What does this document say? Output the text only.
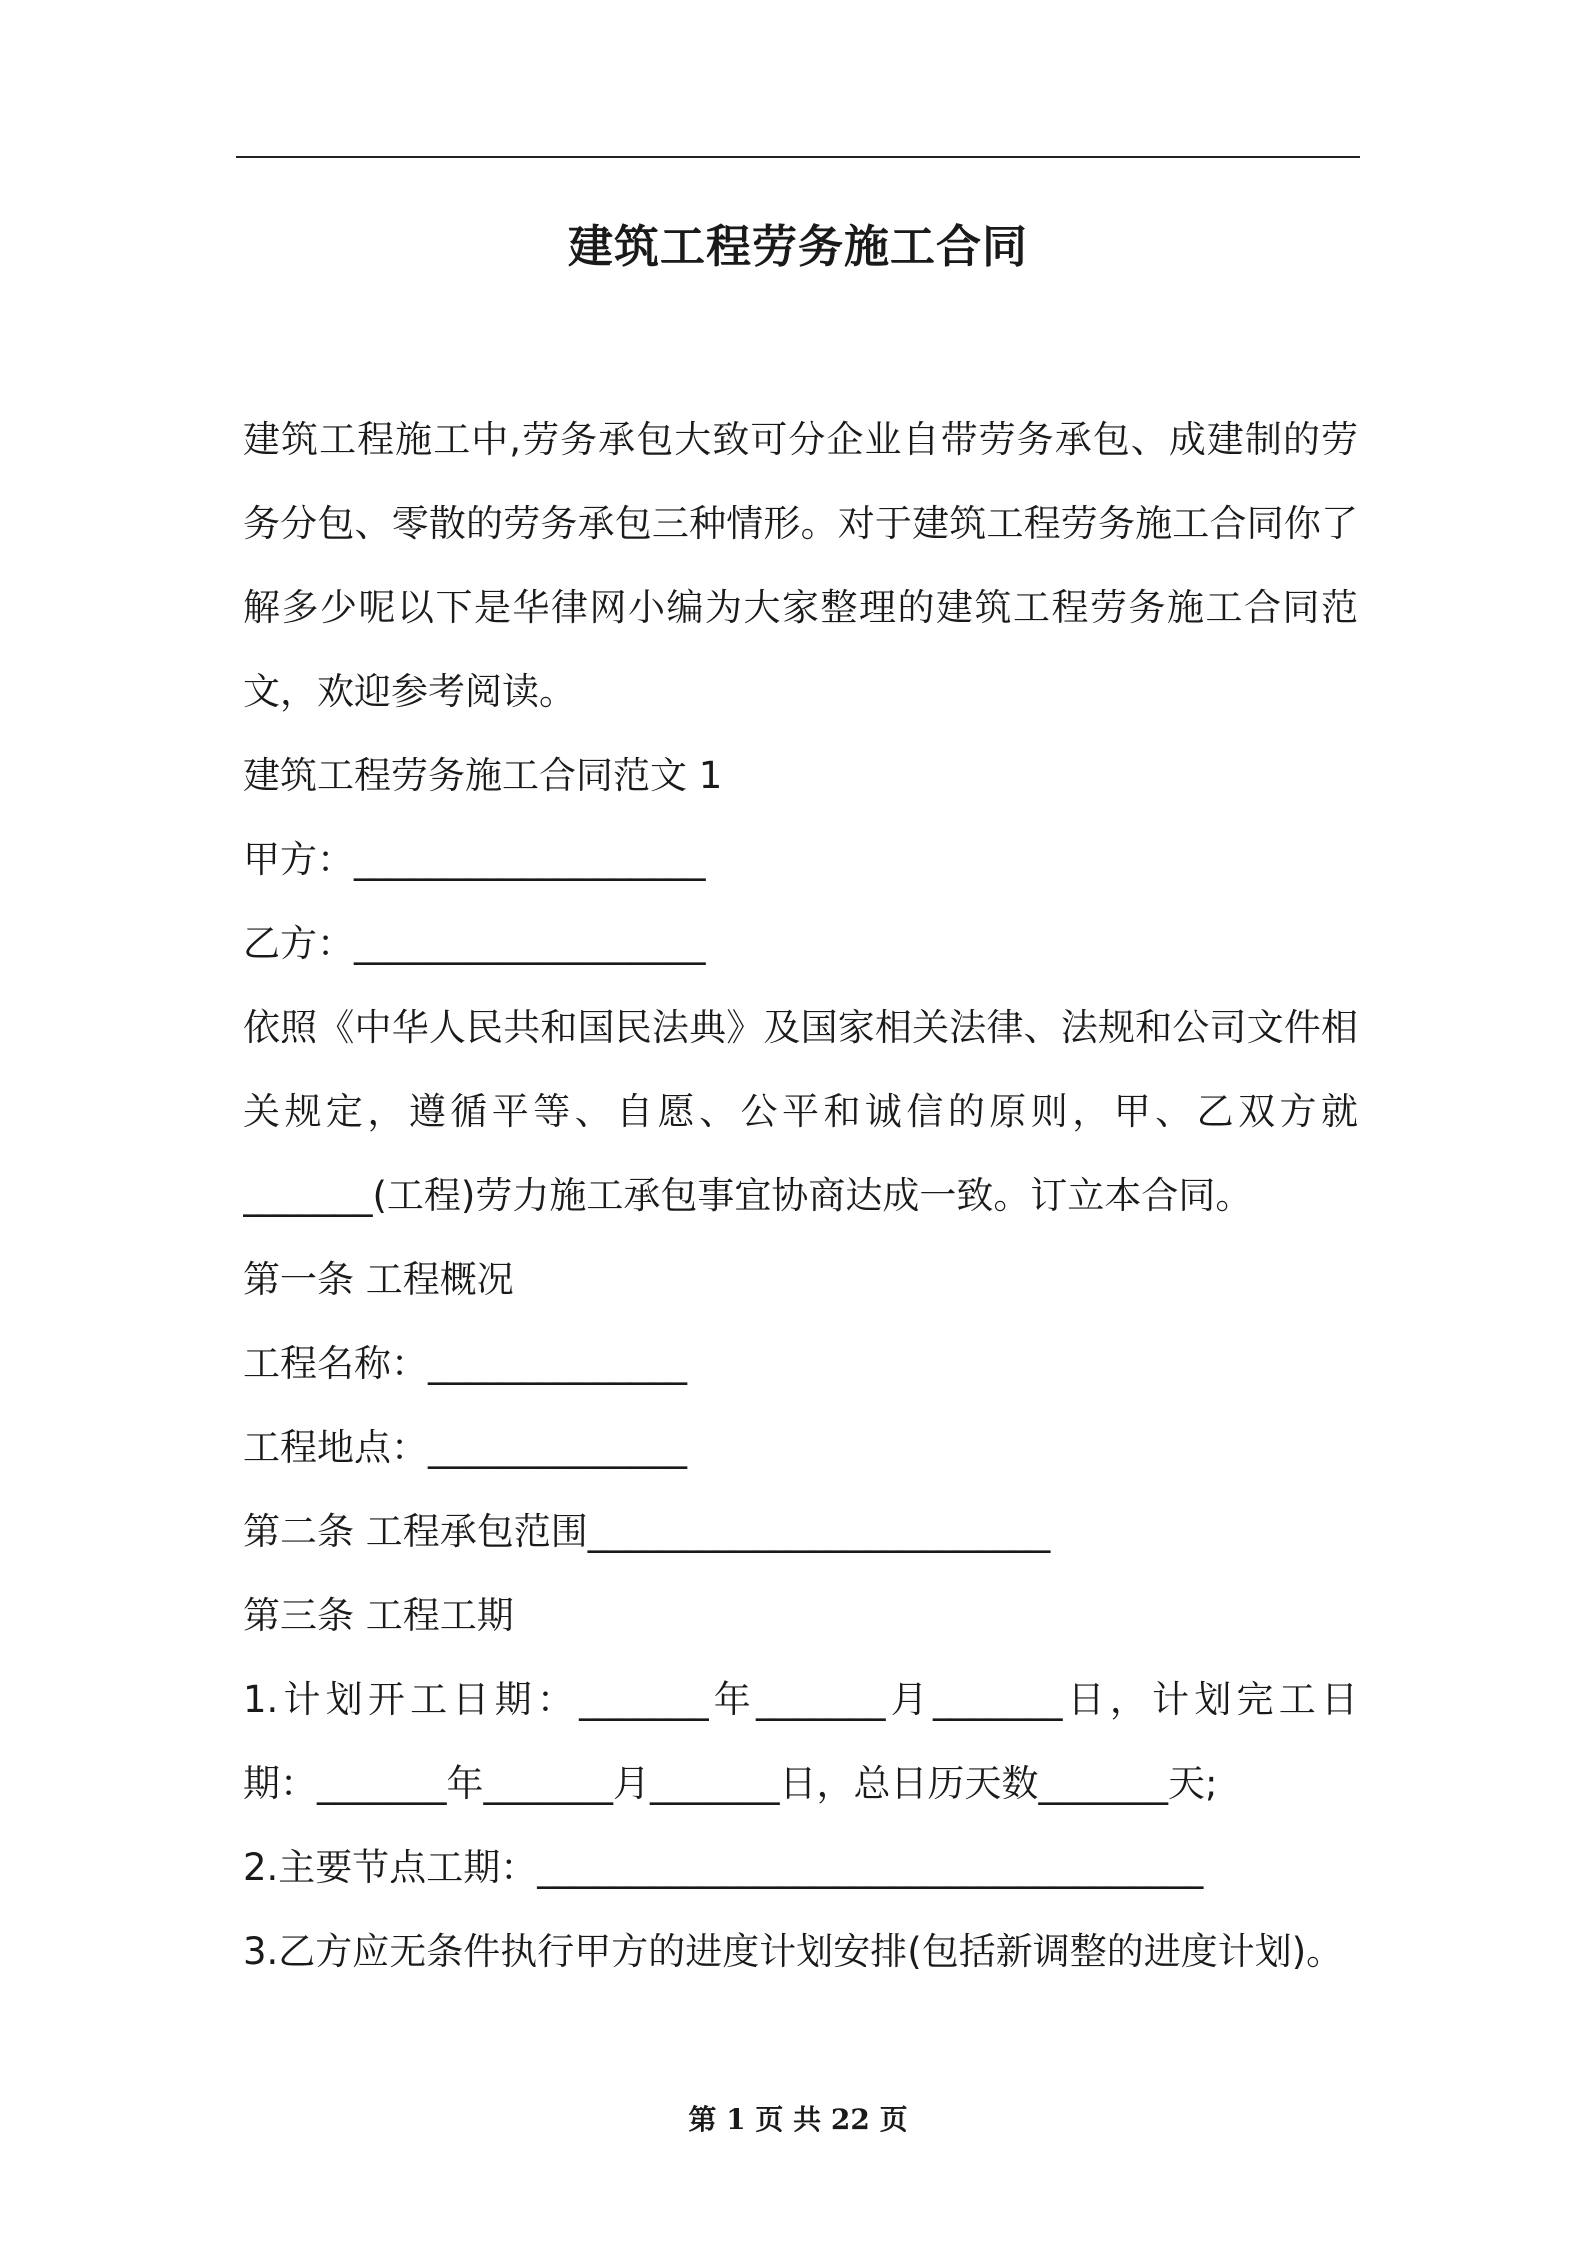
建筑工程劳务施工合同
建筑工程施工中,劳务承包大致可分企业自带劳务承包、成建制的劳
务分包、零散的劳务承包三种情形。对于建筑工程劳务施工合同你了
解多少呢以下是华律网小编为大家整理的建筑工程劳务施工合同范
文，欢迎参考阅读。
建筑工程劳务施工合同范文 1
甲方：___________________
乙方：___________________
依照《中华人民共和国民法典》及国家相关法律、法规和公司文件相
关规定，遵循平等、自愿、公平和诚信的原则，甲、乙双方就
_______(工程)劳力施工承包事宜协商达成一致。订立本合同。
第一条 工程概况
工程名称：______________
工程地点：______________
第二条 工程承包范围_________________________
第三条 工程工期
1.计划开工日期：_______年_______月_______日，计划完工日
期：_______年_______月_______日，总日历天数_______天;
2.主要节点工期：____________________________________
3.乙方应无条件执行甲方的进度计划安排(包括新调整的进度计划)。
第 1 页 共 22 页
